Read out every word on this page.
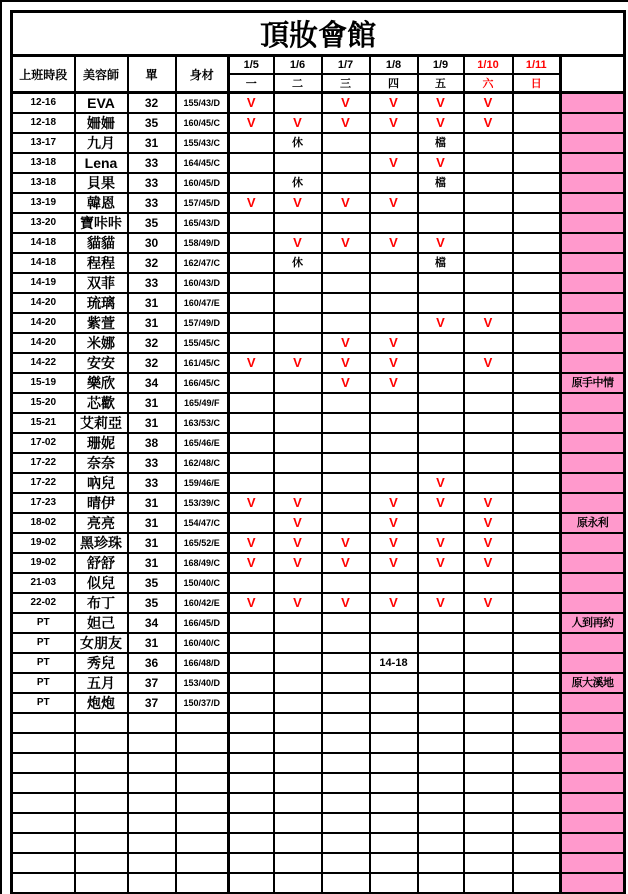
頂妝會館											
上班時段	美容師	單	身材	1/5	1/6	1/7	1/8	1/9	1/10	1/11	
				一	二	三	四	五	六	日	
12-16	EVA	32	155/43/D	V		V	V	V	V		
12-18	姍姍	35	160/45/C	V	V	V	V	V	V		
13-17	九月	31	155/43/C		休			檔			
13-18	Lena	33	164/45/C				V	V			
13-18	貝果	33	160/45/D		休			檔			
13-19	韓恩	33	157/45/D	V	V	V	V				
13-20	寶咔咔	35	165/43/D								
14-18	貓貓	30	158/49/D		V	V	V	V			
14-18	程程	32	162/47/C		休			檔			
14-19	双菲	33	160/43/D								
14-20	琉璃	31	160/47/E								
14-20	紫萱	31	157/49/D					V	V		
14-20	米娜	32	155/45/C			V	V				
14-22	安安	32	161/45/C	V	V	V	V		V		
15-19	樂欣	34	166/45/C			V	V				原手中情
15-20	芯歡	31	165/49/F								
15-21	艾莉亞	31	163/53/C								
17-02	珊妮	38	165/46/E								
17-22	奈奈	33	162/48/C								
17-22	吶兒	33	159/46/E					V			
17-23	晴伊	31	153/39/C	V	V		V	V	V		
18-02	亮亮	31	154/47/C		V		V		V		原永利
19-02	黑珍珠	31	165/52/E	V	V	V	V	V	V		
19-02	舒舒	31	168/49/C	V	V	V	V	V	V		
21-03	似兒	35	150/40/C								
22-02	布丁	35	160/42/E	V	V	V	V	V	V		
PT	妲己	34	166/45/D								人到再約
PT	女朋友	31	160/40/C								
PT	秀兒	36	166/48/D				14-18				
PT	五月	37	153/40/D								原大溪地
PT	炮炮	37	150/37/D								
